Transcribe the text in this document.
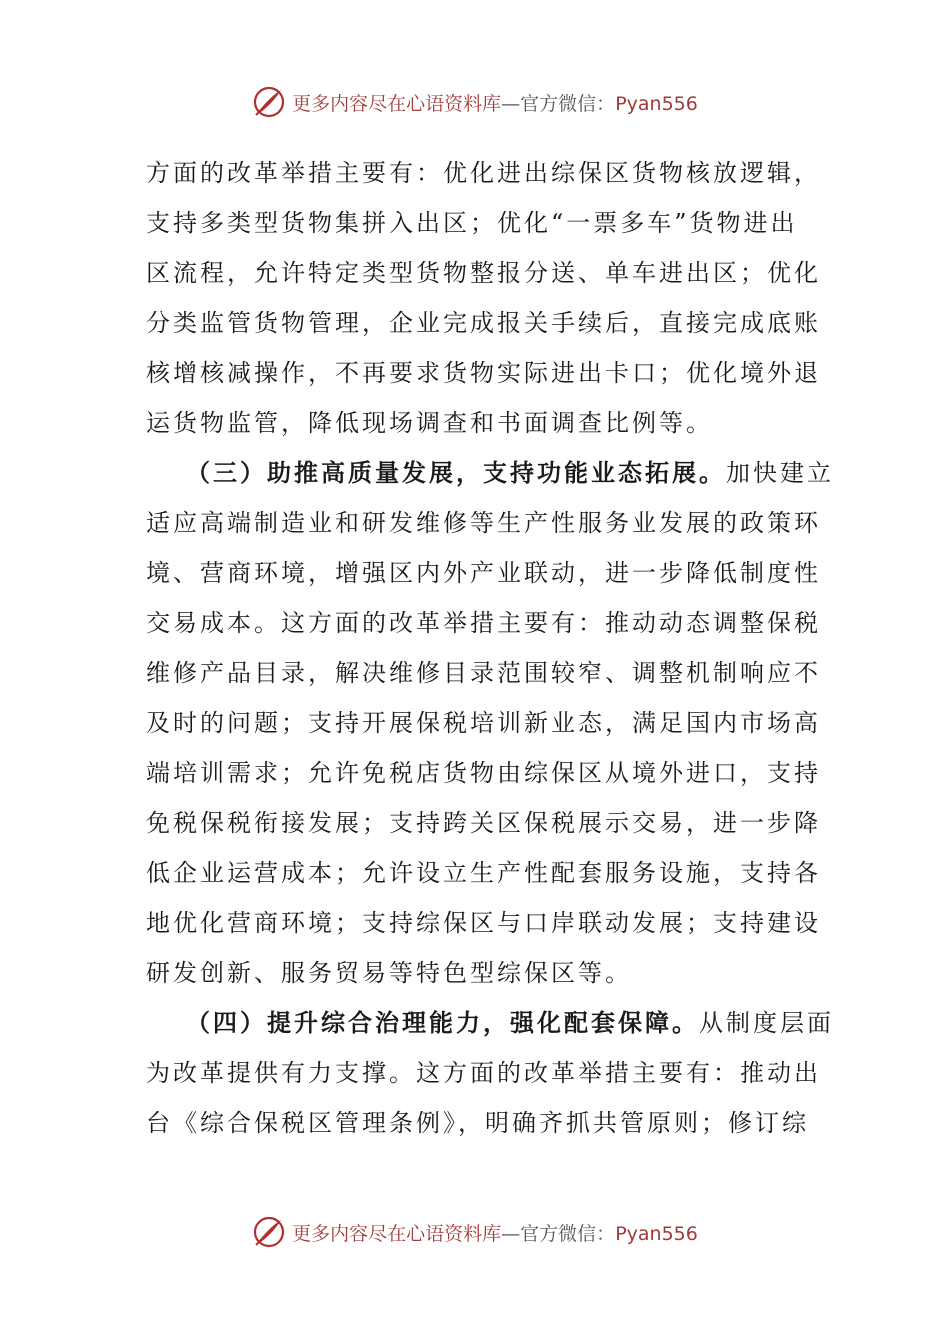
更多内容尽在心语资料库—官方微信：Pyan556
方面的改革举措主要有：优化进出综保区货物核放逻辑，
支持多类型货物集拼入出区；优化“一票多车”货物进出
区流程，允许特定类型货物整报分送、单车进出区；优化
分类监管货物管理，企业完成报关手续后，直接完成底账
核增核减操作，不再要求货物实际进出卡口；优化境外退
运货物监管，降低现场调查和书面调查比例等。
（三）助推高质量发展，支持功能业态拓展。加快建立
适应高端制造业和研发维修等生产性服务业发展的政策环
境、营商环境，增强区内外产业联动，进一步降低制度性
交易成本。这方面的改革举措主要有：推动动态调整保税
维修产品目录，解决维修目录范围较窄、调整机制响应不
及时的问题；支持开展保税培训新业态，满足国内市场高
端培训需求；允许免税店货物由综保区从境外进口，支持
免税保税衔接发展；支持跨关区保税展示交易，进一步降
低企业运营成本；允许设立生产性配套服务设施，支持各
地优化营商环境；支持综保区与口岸联动发展；支持建设
研发创新、服务贸易等特色型综保区等。
（四）提升综合治理能力，强化配套保障。从制度层面
为改革提供有力支撑。这方面的改革举措主要有：推动出
台《综合保税区管理条例》，明确齐抓共管原则；修订综
更多内容尽在心语资料库—官方微信：Pyan556
